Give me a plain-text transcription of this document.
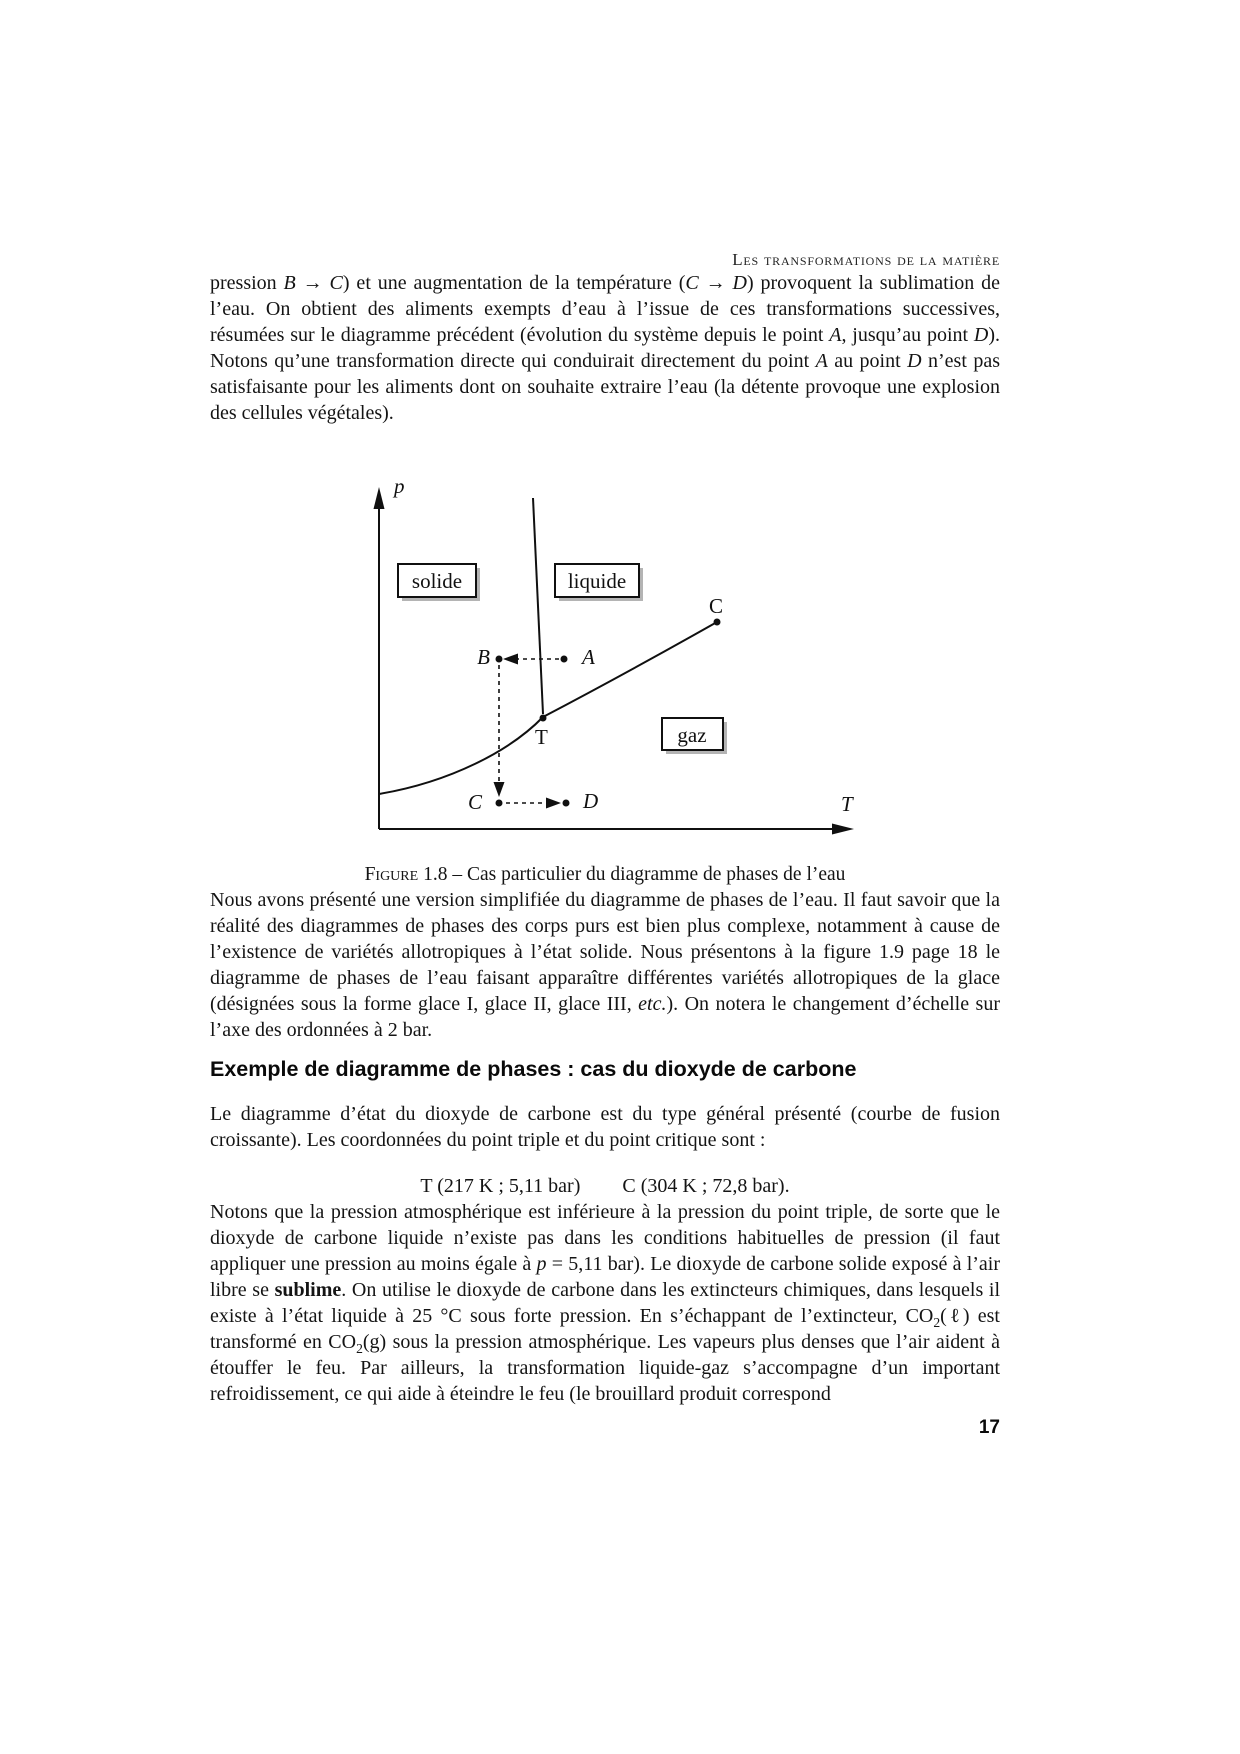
Les transformations de la matière

pression B → C) et une augmentation de la température (C → D) provoquent la sublimation de l’eau. On obtient des aliments exempts d’eau à l’issue de ces transformations successives, résumées sur le diagramme précédent (évolution du système depuis le point A, jusqu’au point D). Notons qu’une transformation directe qui conduirait directement du point A au point D n’est pas satisfaisante pour les aliments dont on souhaite extraire l’eau (la détente provoque une explosion des cellules végétales).

p
T
B	A
T
C
C	D
solide	liquide
gaz
Figure 1.8 – Cas particulier du diagramme de phases de l’eau

Nous avons présenté une version simplifiée du diagramme de phases de l’eau. Il faut savoir que la réalité des diagrammes de phases des corps purs est bien plus complexe, notamment à cause de l’existence de variétés allotropiques à l’état solide. Nous présentons à la figure 1.9 page 18 le diagramme de phases de l’eau faisant apparaître différentes variétés allotropiques de la glace (désignées sous la forme glace I, glace II, glace III, etc.). On notera le changement d’échelle sur l’axe des ordonnées à 2 bar.

Exemple de diagramme de phases : cas du dioxyde de carbone

Le diagramme d’état du dioxyde de carbone est du type général présenté (courbe de fusion croissante). Les coordonnées du point triple et du point critique sont :

T (217 K ; 5,11 bar) C (304 K ; 72,8 bar).

Notons que la pression atmosphérique est inférieure à la pression du point triple, de sorte que le dioxyde de carbone liquide n’existe pas dans les conditions habituelles de pression (il faut appliquer une pression au moins égale à p = 5,11 bar). Le dioxyde de carbone solide exposé à l’air libre se sublime. On utilise le dioxyde de carbone dans les extincteurs chimiques, dans lesquels il existe à l’état liquide à 25 °C sous forte pression. En s’échappant de l’extincteur, $CO_2(\ell)$ est transformé en $CO_2(g)$ sous la pression atmosphérique. Les vapeurs plus denses que l’air aident à étouffer le feu. Par ailleurs, la transformation liquide-gaz s’accompagne d’un important refroidissement, ce qui aide à éteindre le feu (le brouillard produit correspond

17
